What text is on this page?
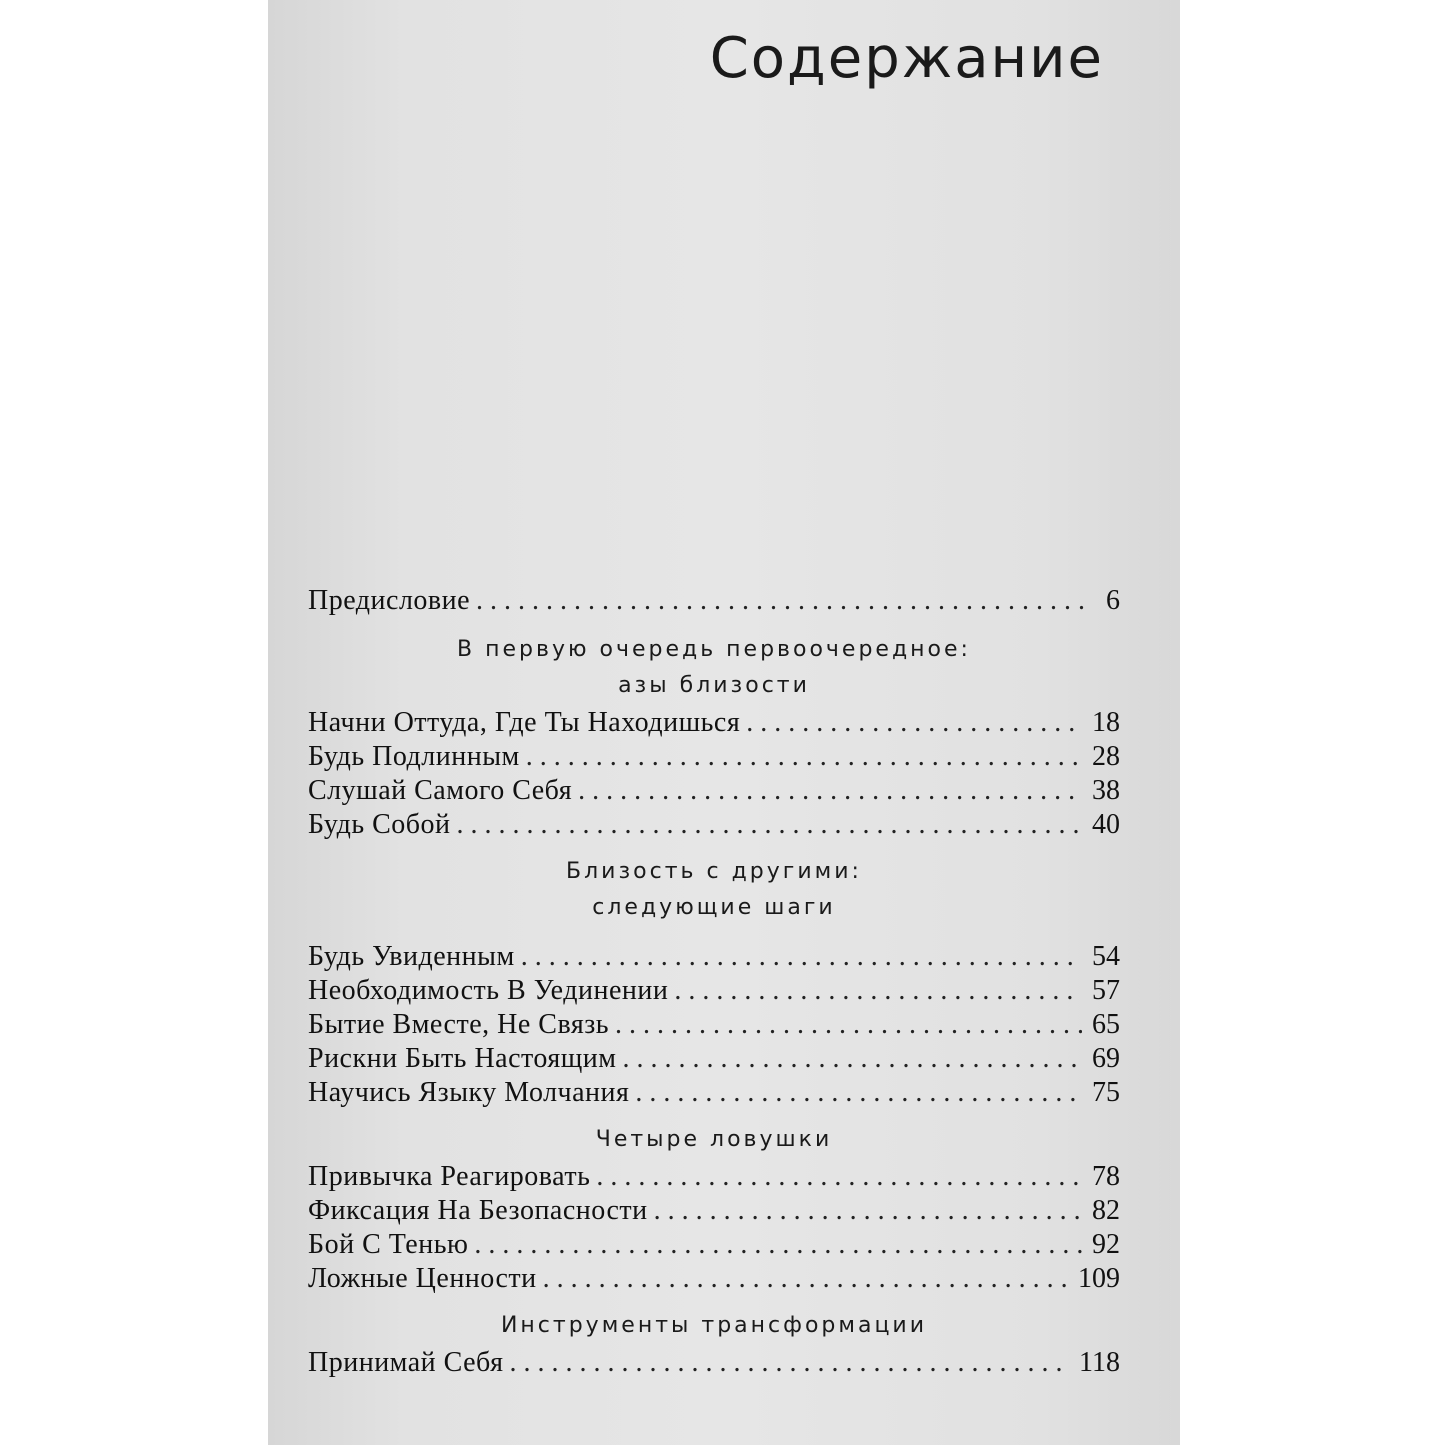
Содержание
Предисловие . . .	6
В первую очередь первоочередное:
азы близости
Начни Оттуда, Где Ты Находишься . . .	18
Будь Подлинным . . .	28
Слушай Самого Себя . . .	38
Будь Собой . . .	40
Близость с другими:
следующие шаги
Будь Увиденным . . .	54
Необходимость В Уединении . . .	57
Бытие Вместе, Не Связь . . .	65
Рискни Быть Настоящим . . .	69
Научись Языку Молчания . . .	75
Четыре ловушки
Привычка Реагировать . . .	78
Фиксация На Безопасности . . .	82
Бой С Тенью . . .	92
Ложные Ценности . . .	109
Инструменты трансформации
Принимай Себя . . .	118
